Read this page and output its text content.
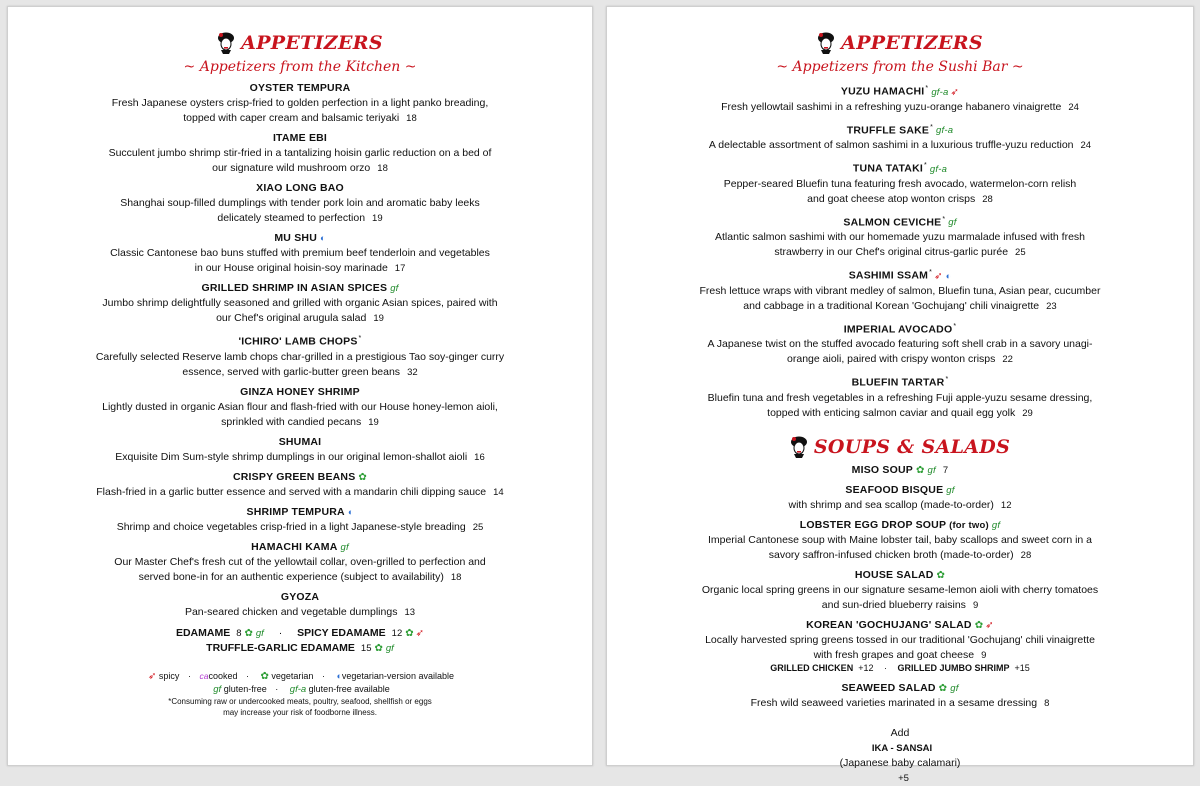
APPETIZERS
~ Appetizers from the Kitchen ~
OYSTER TEMPURA
Fresh Japanese oysters crisp-fried to golden perfection in a light panko breading,
topped with caper cream and balsamic teriyaki 18
ITAME EBI
Succulent jumbo shrimp stir-fried in a tantalizing hoisin garlic reduction on a bed of
our signature wild mushroom orzo 18
XIAO LONG BAO
Shanghai soup-filled dumplings with tender pork loin and aromatic baby leeks
delicately steamed to perfection 19
MU SHU ◐
Classic Cantonese bao buns stuffed with premium beef tenderloin and vegetables
in our House original hoisin-soy marinade 17
GRILLED SHRIMP IN ASIAN SPICES gf
Jumbo shrimp delightfully seasoned and grilled with organic Asian spices, paired with
our Chef's original arugula salad 19
'ICHIRO' LAMB CHOPS*
Carefully selected Reserve lamb chops char-grilled in a prestigious Tao soy-ginger curry
essence, served with garlic-butter green beans 32
GINZA HONEY SHRIMP
Lightly dusted in organic Asian flour and flash-fried with our House honey-lemon aioli,
sprinkled with candied pecans 19
SHUMAI
Exquisite Dim Sum-style shrimp dumplings in our original lemon-shallot aioli 16
CRISPY GREEN BEANS ✿
Flash-fried in a garlic butter essence and served with a mandarin chili dipping sauce 14
SHRIMP TEMPURA ◐
Shrimp and choice vegetables crisp-fried in a light Japanese-style breading 25
HAMACHI KAMA gf
Our Master Chef's fresh cut of the yellowtail collar, oven-grilled to perfection and
served bone-in for an authentic experience (subject to availability) 18
GYOZA
Pan-seared chicken and vegetable dumplings 13
EDAMAME 8 ✿ gf · SPICY EDAMAME 12 ✿ ➶
TRUFFLE-GARLIC EDAMAME 15 ✿ gf
➶ spicy · cacooked · ✿ vegetarian · ◐vegetarian-version available
gf gluten-free · gf-a gluten-free available
*Consuming raw or undercooked meats, poultry, seafood, shellfish or eggs
may increase your risk of foodborne illness.
APPETIZERS
~ Appetizers from the Sushi Bar ~
YUZU HAMACHI* gf-a ➶
Fresh yellowtail sashimi in a refreshing yuzu-orange habanero vinaigrette 24
TRUFFLE SAKE* gf-a
A delectable assortment of salmon sashimi in a luxurious truffle-yuzu reduction 24
TUNA TATAKI* gf-a
Pepper-seared Bluefin tuna featuring fresh avocado, watermelon-corn relish
and goat cheese atop wonton crisps 28
SALMON CEVICHE* gf
Atlantic salmon sashimi with our homemade yuzu marmalade infused with fresh
strawberry in our Chef's original citrus-garlic purée 25
SASHIMI SSAM* ➶ ◐
Fresh lettuce wraps with vibrant medley of salmon, Bluefin tuna, Asian pear, cucumber
and cabbage in a traditional Korean 'Gochujang' chili vinaigrette 23
IMPERIAL AVOCADO*
A Japanese twist on the stuffed avocado featuring soft shell crab in a savory unagi-
orange aioli, paired with crispy wonton crisps 22
BLUEFIN TARTAR*
Bluefin tuna and fresh vegetables in a refreshing Fuji apple-yuzu sesame dressing,
topped with enticing salmon caviar and quail egg yolk 29
SOUPS & SALADS
MISO SOUP ✿ gf 7
SEAFOOD BISQUE gf
with shrimp and sea scallop (made-to-order) 12
LOBSTER EGG DROP SOUP (for two) gf
Imperial Cantonese soup with Maine lobster tail, baby scallops and sweet corn in a
savory saffron-infused chicken broth (made-to-order) 28
HOUSE SALAD ✿
Organic local spring greens in our signature sesame-lemon aioli with cherry tomatoes
and sun-dried blueberry raisins 9
KOREAN 'GOCHUJANG' SALAD ✿ ➶
Locally harvested spring greens tossed in our traditional 'Gochujang' chili vinaigrette
with fresh grapes and goat cheese 9
GRILLED CHICKEN +12 · GRILLED JUMBO SHRIMP +15
SEAWEED SALAD ✿ gf
Fresh wild seaweed varieties marinated in a sesame dressing 8

Add
IKA - SANSAI
(Japanese baby calamari)
+5
